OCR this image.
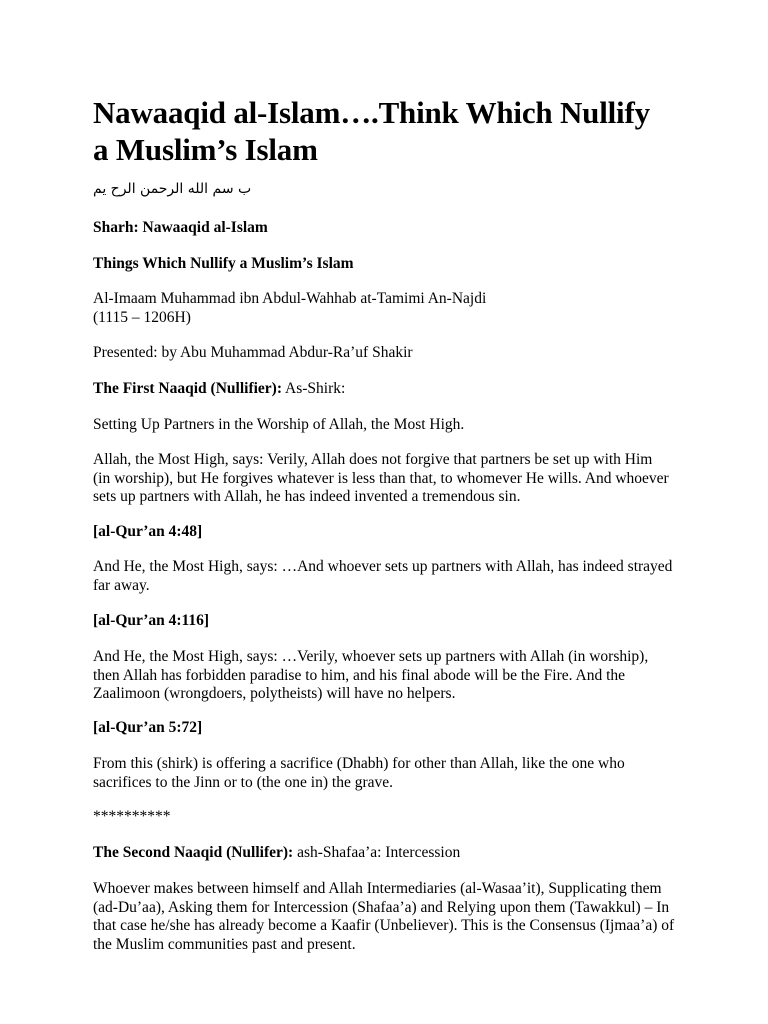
Nawaaqid al-Islam….Think Which Nullify
a Muslim’s Islam

ب سم الله الرحمن الرح يم

Sharh: Nawaaqid al-Islam

Things Which Nullify a Muslim’s Islam

Al-Imaam Muhammad ibn Abdul-Wahhab at-Tamimi An-Najdi
(1115 – 1206H)

Presented: by Abu Muhammad Abdur-Ra’uf Shakir

The First Naaqid (Nullifier): As-Shirk:

Setting Up Partners in the Worship of Allah, the Most High.

Allah, the Most High, says: Verily, Allah does not forgive that partners be set up with Him
(in worship), but He forgives whatever is less than that, to whomever He wills. And whoever
sets up partners with Allah, he has indeed invented a tremendous sin.

[al-Qur’an 4:48]

And He, the Most High, says: …And whoever sets up partners with Allah, has indeed strayed
far away.

[al-Qur’an 4:116]

And He, the Most High, says: …Verily, whoever sets up partners with Allah (in worship),
then Allah has forbidden paradise to him, and his final abode will be the Fire. And the
Zaalimoon (wrongdoers, polytheists) will have no helpers.

[al-Qur’an 5:72]

From this (shirk) is offering a sacrifice (Dhabh) for other than Allah, like the one who
sacrifices to the Jinn or to (the one in) the grave.

**********

The Second Naaqid (Nullifer): ash-Shafaa’a: Intercession

Whoever makes between himself and Allah Intermediaries (al-Wasaa’it), Supplicating them
(ad-Du’aa), Asking them for Intercession (Shafaa’a) and Relying upon them (Tawakkul) – In
that case he/she has already become a Kaafir (Unbeliever). This is the Consensus (Ijmaa’a) of
the Muslim communities past and present.
